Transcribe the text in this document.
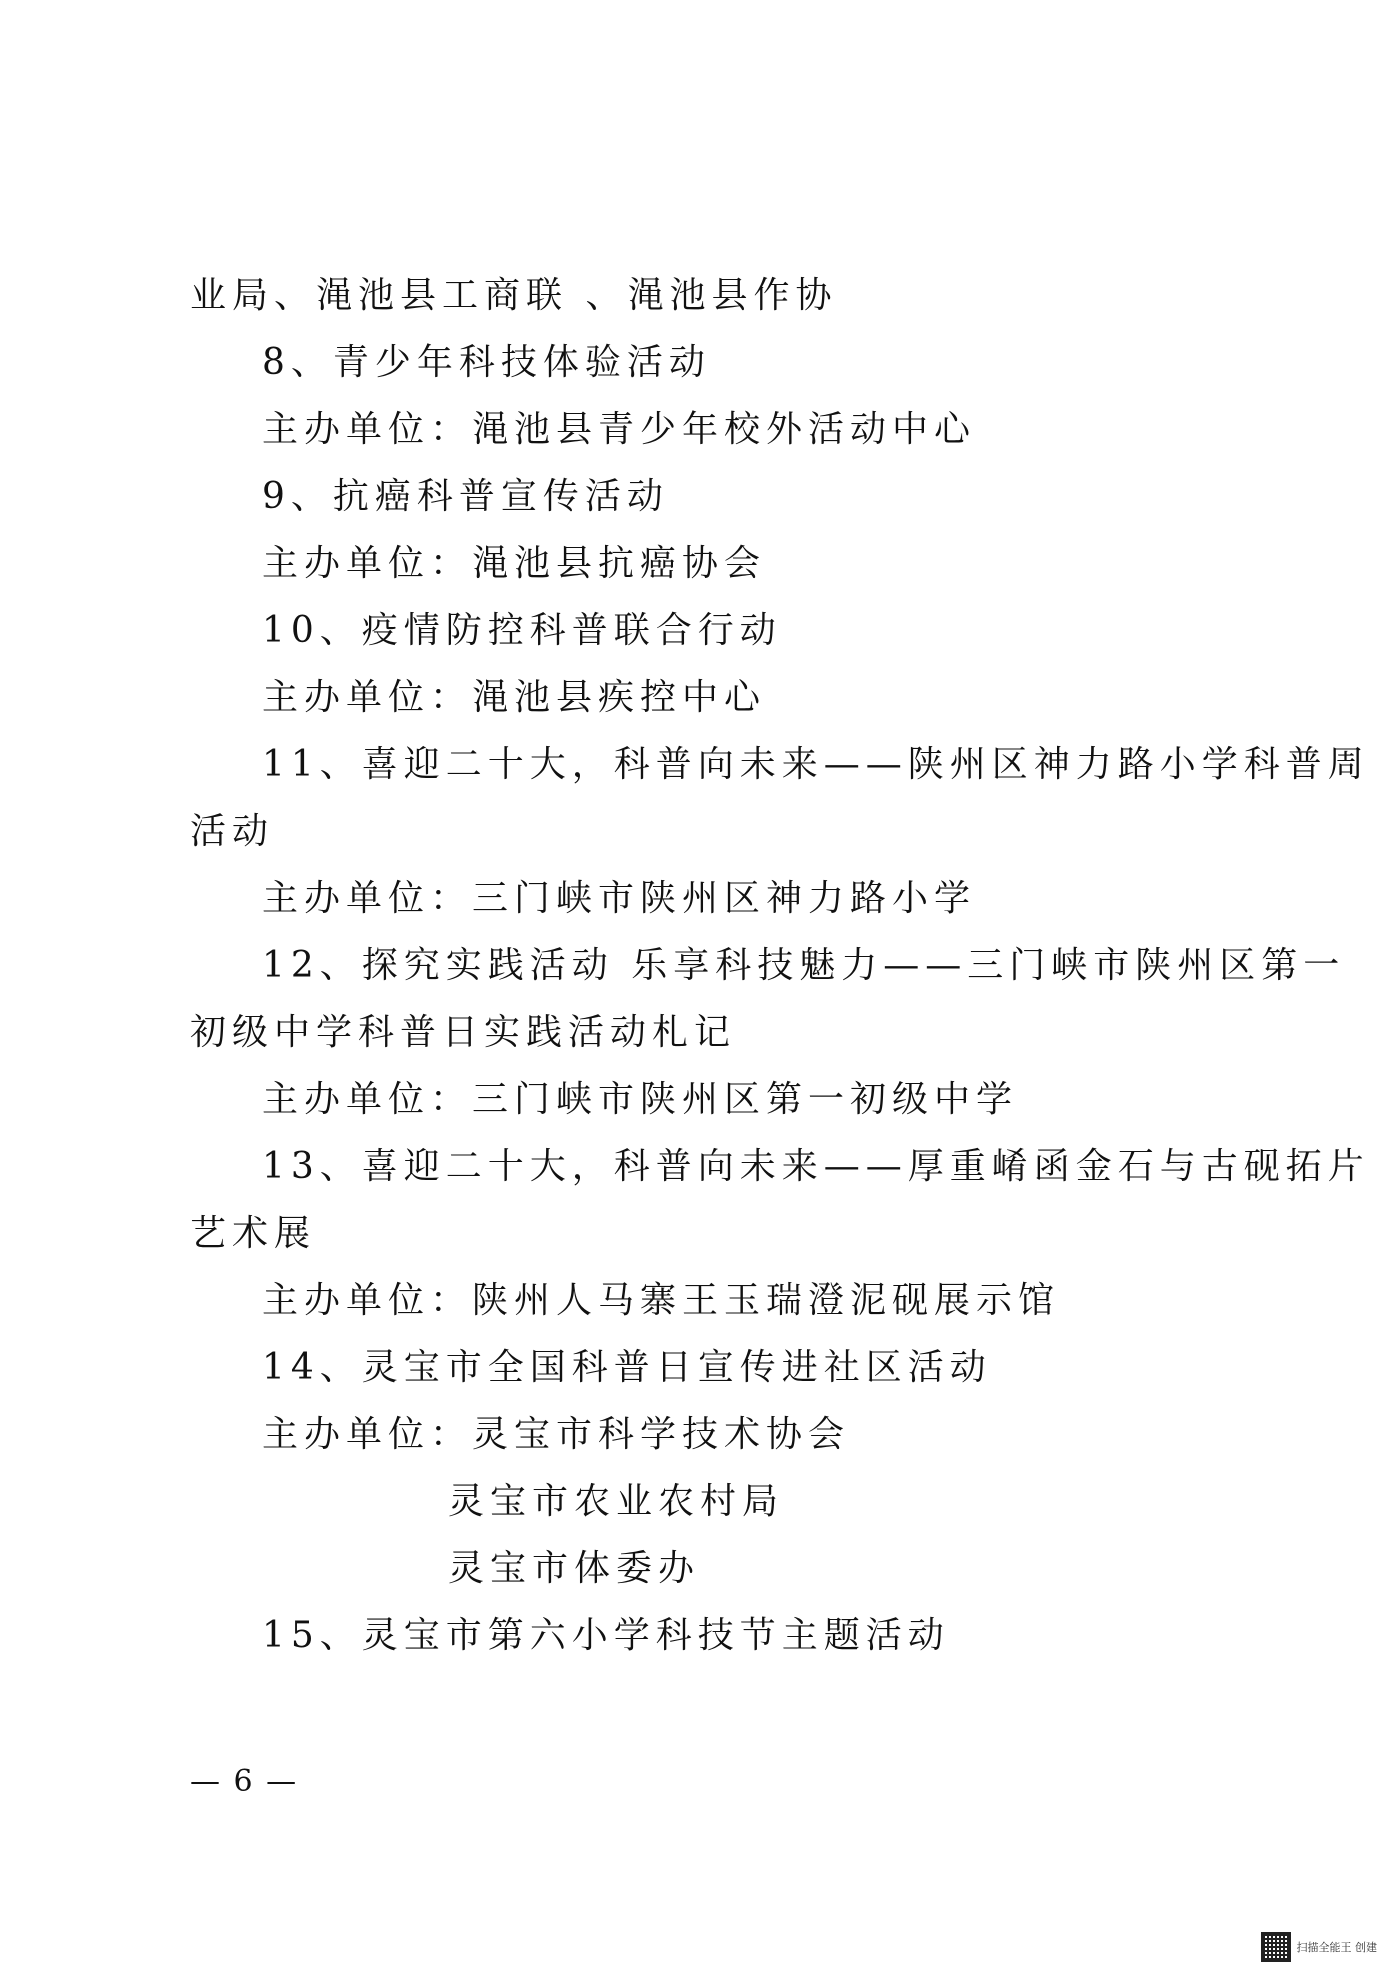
业局、渑池县工商联 、渑池县作协
8、青少年科技体验活动
主办单位：渑池县青少年校外活动中心
9、抗癌科普宣传活动
主办单位：渑池县抗癌协会
10、疫情防控科普联合行动
主办单位：渑池县疾控中心
11、喜迎二十大，科普向未来——陕州区神力路小学科普周
活动
主办单位：三门峡市陕州区神力路小学
12、探究实践活动 乐享科技魅力——三门峡市陕州区第一
初级中学科普日实践活动札记
主办单位：三门峡市陕州区第一初级中学
13、喜迎二十大，科普向未来——厚重崤函金石与古砚拓片
艺术展
主办单位：陕州人马寨王玉瑞澄泥砚展示馆
14、灵宝市全国科普日宣传进社区活动
主办单位：灵宝市科学技术协会
灵宝市农业农村局
灵宝市体委办
15、灵宝市第六小学科技节主题活动
— 6 —
扫描全能王 创建
